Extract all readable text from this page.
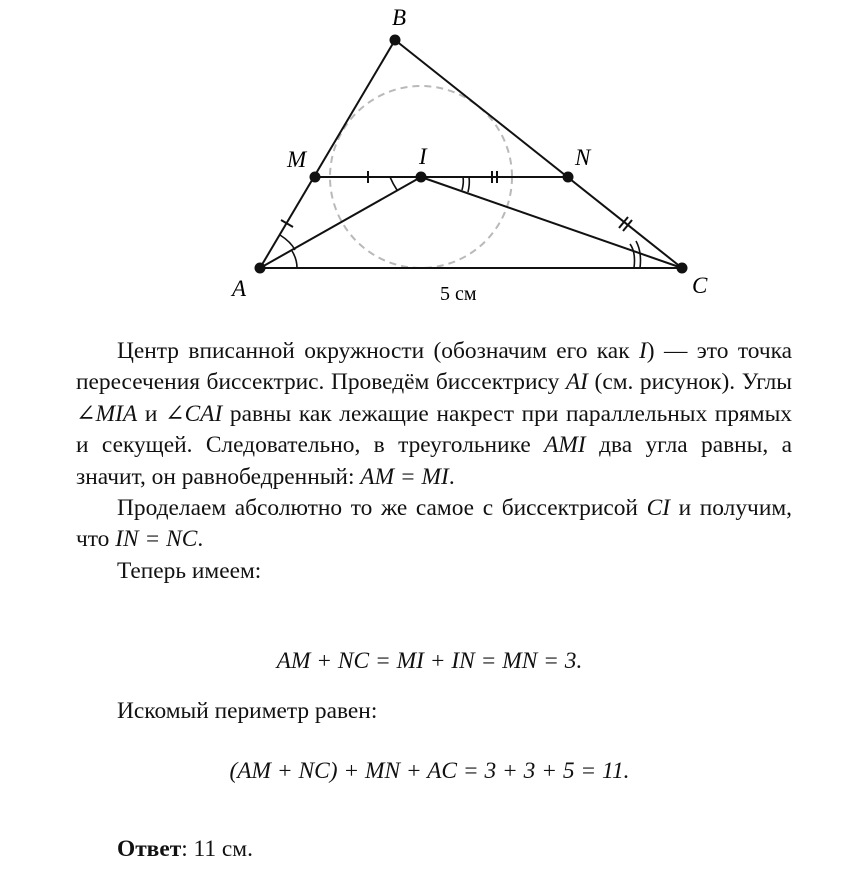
B
M	I	N
A	C
5 см

Центр вписанной окружности (обозначим его как I) — это точка пересечения биссектрис. Проведём биссектрису AI (см. рисунок). Углы ∠MIA и ∠CAI равны как лежащие накрест при параллельных прямых и секущей. Следовательно, в треугольнике AMI два угла равны, а значит, он равнобедренный: AM = MI.

Проделаем абсолютно то же самое с биссектрисой CI и получим, что IN = NC.

Теперь имеем:

AM + NC = MI + IN = MN = 3.

Искомый периметр равен:

(AM + NC) + MN + AC = 3 + 3 + 5 = 11.
Ответ: 11 см.
